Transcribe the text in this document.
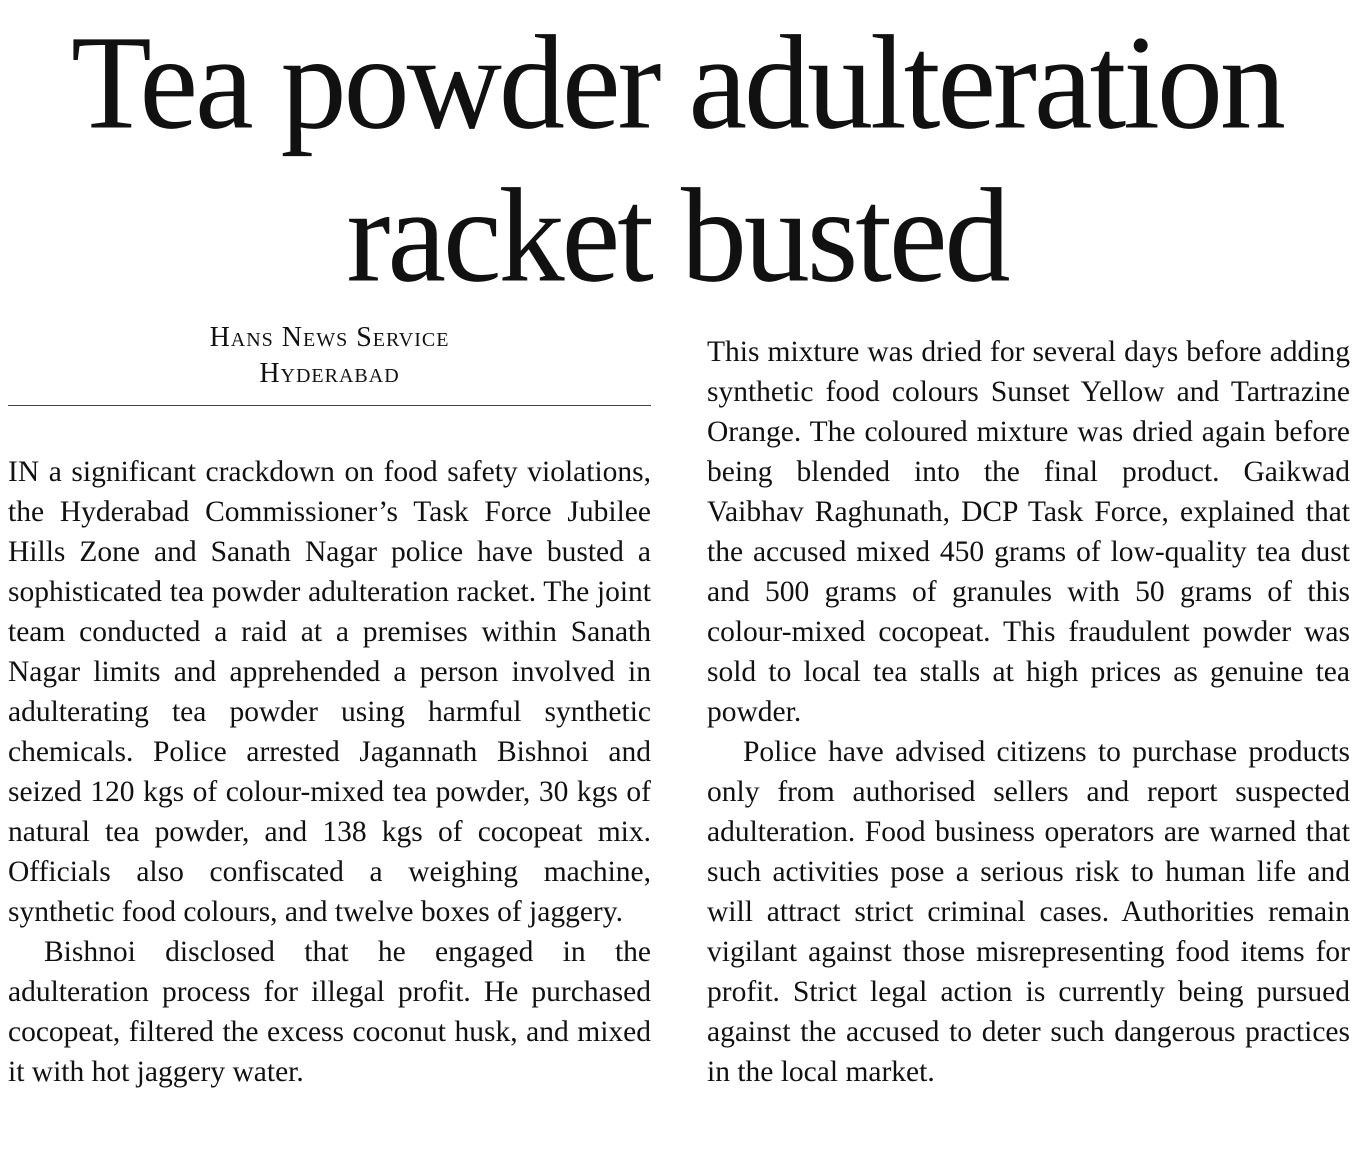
Tea powder adulteration
racket busted
Hans News Service
Hyderabad

IN a significant crackdown on food safety violations, the Hyderabad Commissioner’s Task Force Jubilee Hills Zone and Sanath Nagar police have busted a sophisticated tea powder adulteration racket. The joint team conducted a raid at a premises within Sanath Nagar limits and apprehended a person involved in adulterating tea powder using harmful synthetic chemicals. Police arrested Jagannath Bishnoi and seized 120 kgs of colour-mixed tea powder, 30 kgs of natural tea powder, and 138 kgs of cocopeat mix. Officials also confiscated a weighing machine, synthetic food colours, and twelve boxes of jaggery.

Bishnoi disclosed that he engaged in the adulteration process for illegal profit. He purchased cocopeat, filtered the excess coconut husk, and mixed it with hot jaggery water.

This mixture was dried for several days before adding synthetic food colours Sunset Yellow and Tartrazine Orange. The coloured mixture was dried again before being blended into the final product. Gaikwad Vaibhav Raghunath, DCP Task Force, explained that the accused mixed 450 grams of low-quality tea dust and 500 grams of granules with 50 grams of this colour-mixed cocopeat. This fraudulent powder was sold to local tea stalls at high prices as genuine tea powder.

Police have advised citizens to purchase products only from authorised sellers and report suspected adulteration. Food business operators are warned that such activities pose a serious risk to human life and will attract strict criminal cases. Authorities remain vigilant against those misrepresenting food items for profit. Strict legal action is currently being pursued against the accused to deter such dangerous practices in the local market.
